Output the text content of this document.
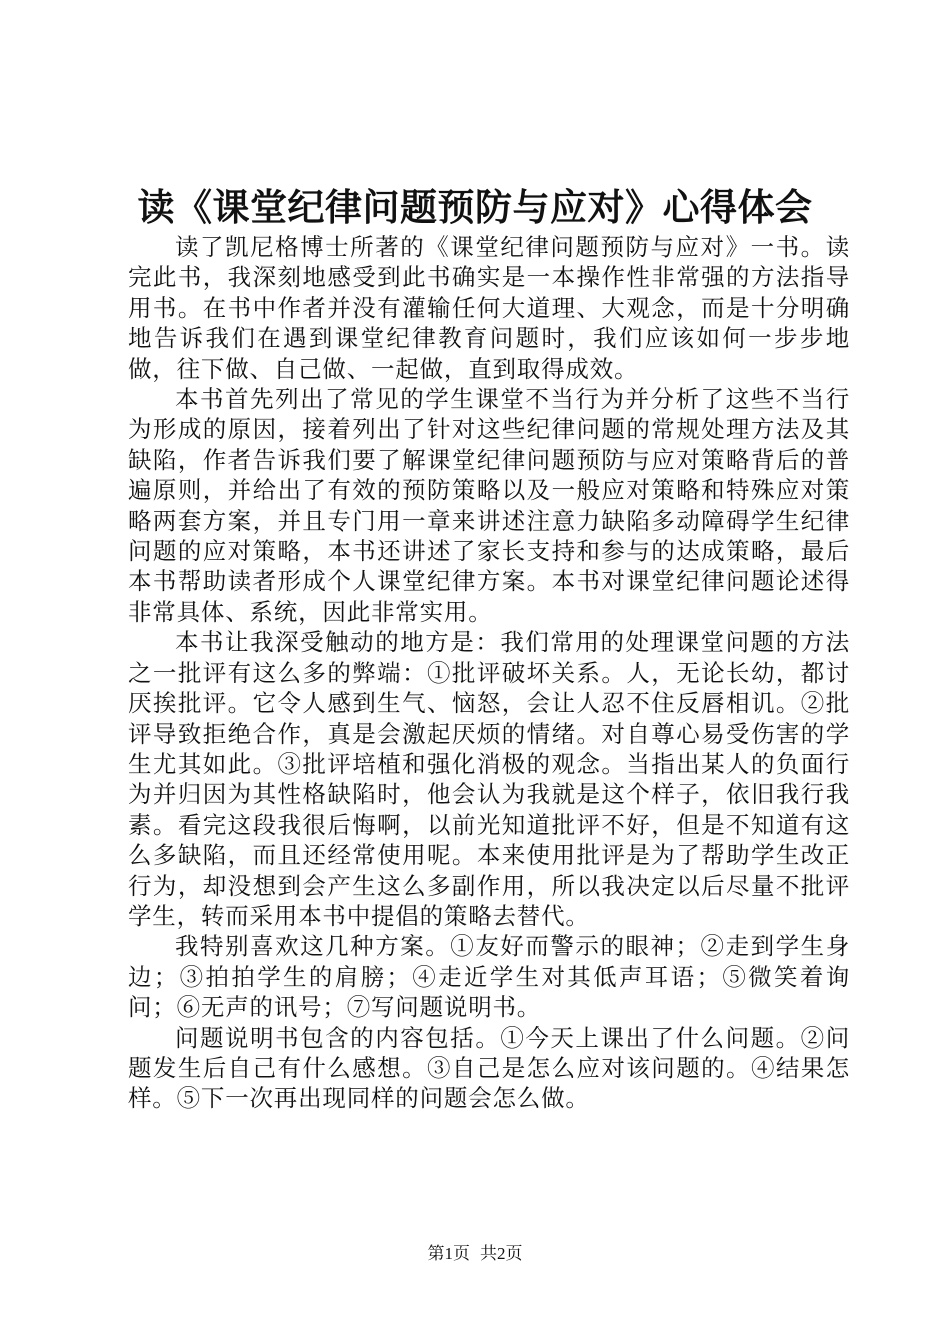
读《课堂纪律问题预防与应对》心得体会

读了凯尼格博士所著的《课堂纪律问题预防与应对》一书。读完此书，我深刻地感受到此书确实是一本操作性非常强的方法指导用书。在书中作者并没有灌输任何大道理、大观念，而是十分明确地告诉我们在遇到课堂纪律教育问题时，我们应该如何一步步地做，往下做、自己做、一起做，直到取得成效。

本书首先列出了常见的学生课堂不当行为并分析了这些不当行为形成的原因，接着列出了针对这些纪律问题的常规处理方法及其缺陷，作者告诉我们要了解课堂纪律问题预防与应对策略背后的普遍原则，并给出了有效的预防策略以及一般应对策略和特殊应对策略两套方案，并且专门用一章来讲述注意力缺陷多动障碍学生纪律问题的应对策略，本书还讲述了家长支持和参与的达成策略，最后本书帮助读者形成个人课堂纪律方案。本书对课堂纪律问题论述得非常具体、系统，因此非常实用。

本书让我深受触动的地方是：我们常用的处理课堂问题的方法之一批评有这么多的弊端：①批评破坏关系。人，无论长幼，都讨厌挨批评。它令人感到生气、恼怒，会让人忍不住反唇相讥。②批评导致拒绝合作，真是会激起厌烦的情绪。对自尊心易受伤害的学生尤其如此。③批评培植和强化消极的观念。当指出某人的负面行为并归因为其性格缺陷时，他会认为我就是这个样子，依旧我行我素。看完这段我很后悔啊，以前光知道批评不好，但是不知道有这么多缺陷，而且还经常使用呢。本来使用批评是为了帮助学生改正行为，却没想到会产生这么多副作用，所以我决定以后尽量不批评学生，转而采用本书中提倡的策略去替代。

我特别喜欢这几种方案。①友好而警示的眼神；②走到学生身边；③拍拍学生的肩膀；④走近学生对其低声耳语；⑤微笑着询问；⑥无声的讯号；⑦写问题说明书。

问题说明书包含的内容包括。①今天上课出了什么问题。②问题发生后自己有什么感想。③自己是怎么应对该问题的。④结果怎样。⑤下一次再出现同样的问题会怎么做。

第1页 共2页
